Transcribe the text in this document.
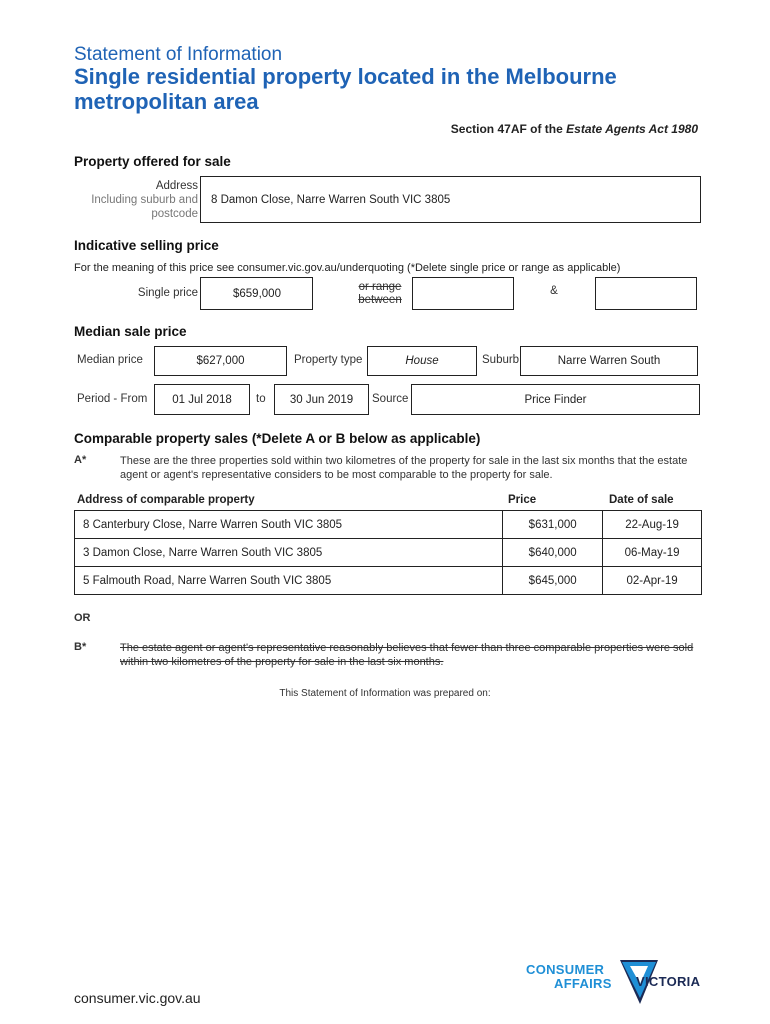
Statement of Information
Single residential property located in the Melbourne metropolitan area
Section 47AF of the Estate Agents Act 1980
Property offered for sale
Address
Including suburb and
postcode
8 Damon Close, Narre Warren South VIC 3805
Indicative selling price
For the meaning of this price see consumer.vic.gov.au/underquoting (*Delete single price or range as applicable)
Single price	$659,000
or range
between
&
Median sale price
Median price	$627,000	Property type	House	Suburb	Narre Warren South
Period - From 01 Jul 2018 to 30 Jun 2019 Source	Price Finder
Comparable property sales (*Delete A or B below as applicable)
A*	These are the three properties sold within two kilometres of the property for sale in the last six months that the estate agent or agent's representative considers to be most comparable to the property for sale.
Address of comparable property	Price	Date of sale
8 Canterbury Close, Narre Warren South VIC 3805	$631,000	22-Aug-19
3 Damon Close, Narre Warren South VIC 3805	$640,000	06-May-19
5 Falmouth Road, Narre Warren South VIC 3805	$645,000	02-Apr-19
OR
B*	The estate agent or agent's representative reasonably believes that fewer than three comparable properties were sold within two kilometres of the property for sale in the last six months.
This Statement of Information was prepared on:
consumer.vic.gov.au
CONSUMER
AFFAIRS VICTORIA
